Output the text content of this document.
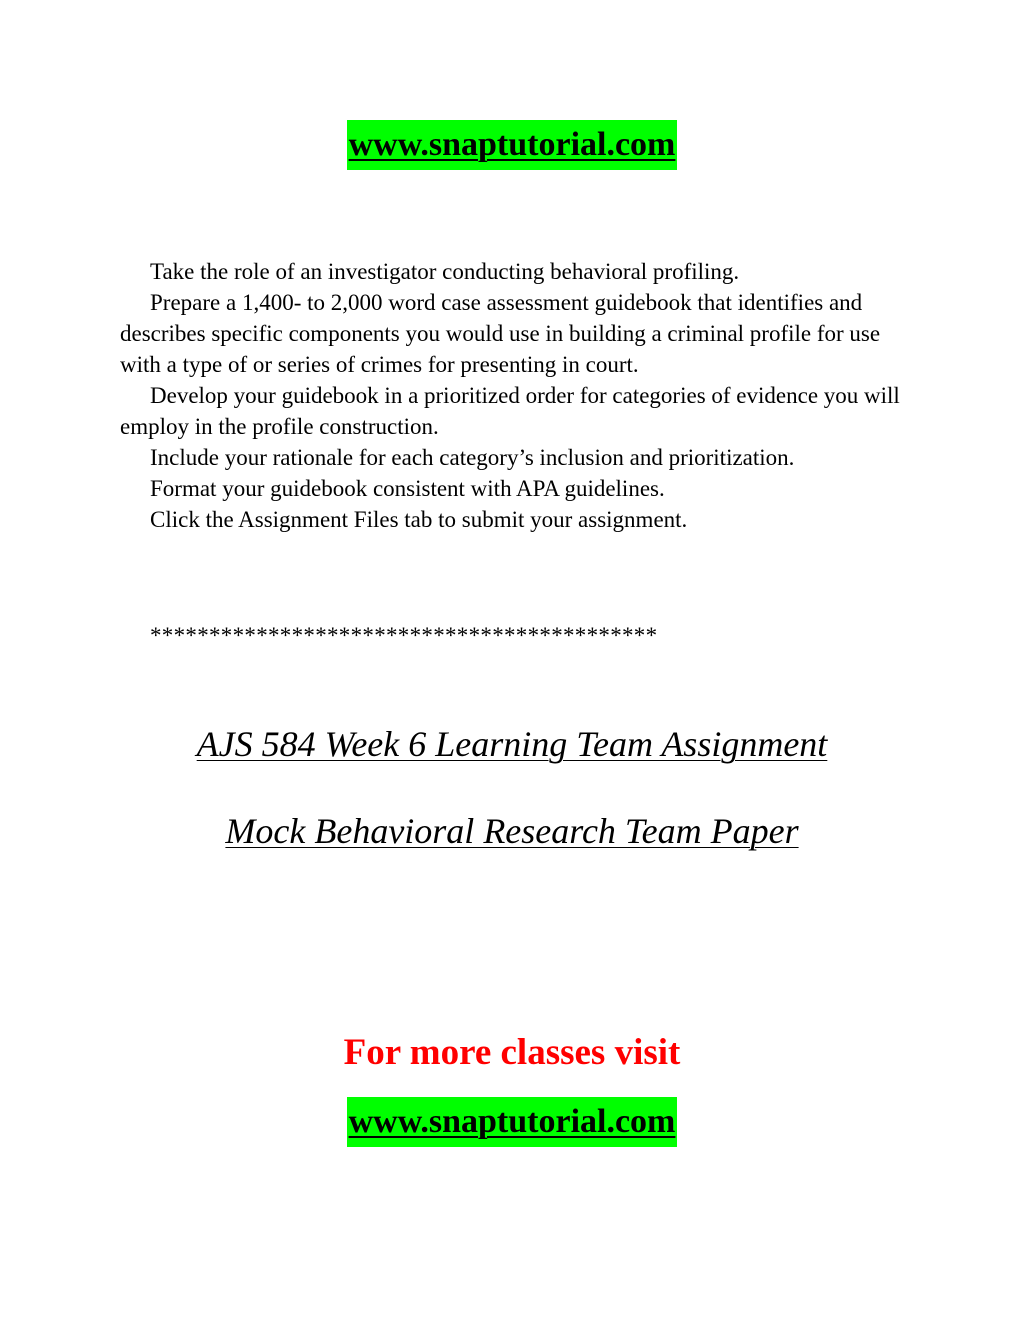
www.snaptutorial.com

Take the role of an investigator conducting behavioral profiling.

Prepare a 1,400- to 2,000 word case assessment guidebook that identifies and describes specific components you would use in building a criminal profile for use with a type of or series of crimes for presenting in court.

Develop your guidebook in a prioritized order for categories of evidence you will employ in the profile construction.

Include your rationale for each category’s inclusion and prioritization.

Format your guidebook consistent with APA guidelines.

Click the Assignment Files tab to submit your assignment.

*******************************************
AJS 584 Week 6 Learning Team Assignment
Mock Behavioral Research Team Paper
For more classes visit
www.snaptutorial.com
